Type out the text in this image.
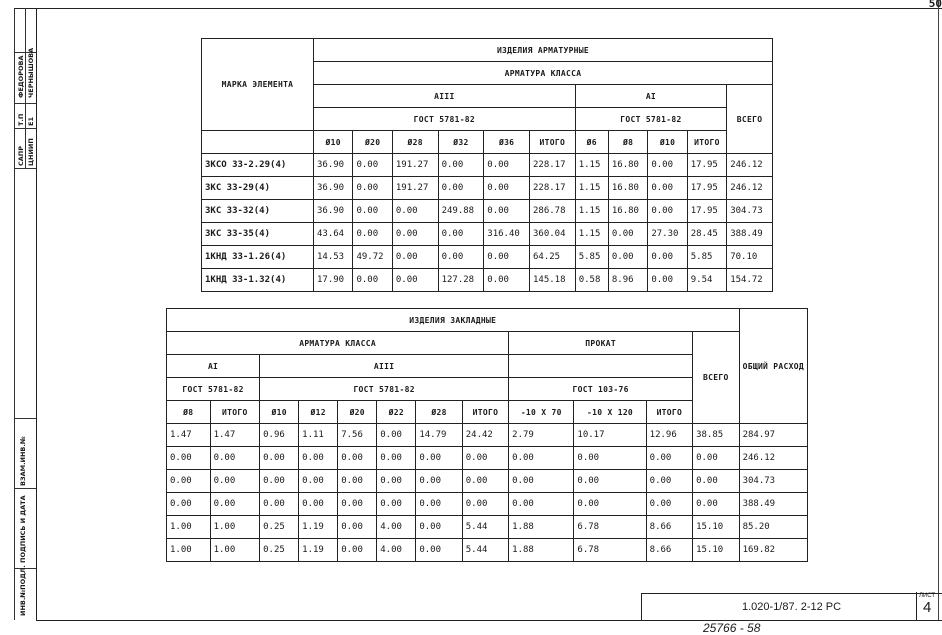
50
ФЕДОРОВА ЧЕРНЫШОВА
Т.П Е1
САПР ЦНИИП
ВЗАМ.ИНВ.№
ПОДПИСЬ И ДАТА
ИНВ.№ПОДЛ.
МАРКА ЭЛЕМЕНТА	ИЗДЕЛИЯ АРМАТУРНЫЕ										
	АРМАТУРА КЛАССА										
	AIII						AI				ВСЕГО
	ГОСТ 5781-82						ГОСТ 5781-82				
	Ø10	Ø20	Ø28	Ø32	Ø36	ИТОГО	Ø6	Ø8	Ø10	ИТОГО	
ЗКСО 33-2.29(4)	36.90	0.00	191.27	0.00	0.00	228.17	1.15	16.80	0.00	17.95	246.12
ЗКС 33-29(4)	36.90	0.00	191.27	0.00	0.00	228.17	1.15	16.80	0.00	17.95	246.12
ЗКС 33-32(4)	36.90	0.00	0.00	249.88	0.00	286.78	1.15	16.80	0.00	17.95	304.73
ЗКС 33-35(4)	43.64	0.00	0.00	0.00	316.40	360.04	1.15	0.00	27.30	28.45	388.49
1КНД 33-1.26(4)	14.53	49.72	0.00	0.00	0.00	64.25	5.85	0.00	0.00	5.85	70.10
1КНД 33-1.32(4)	17.90	0.00	0.00	127.28	0.00	145.18	0.58	8.96	0.00	9.54	154.72
ИЗДЕЛИЯ ЗАКЛАДНЫЕ												ОБЩИЙ РАСХОД
АРМАТУРА КЛАССА								ПРОКАТ			ВСЕГО	
AI		AIII										
ГОСТ 5781-82		ГОСТ 5781-82						ГОСТ 103-76				
Ø8	ИТОГО	Ø10	Ø12	Ø20	Ø22	Ø28	ИТОГО	-10 X 70	-10 X 120	ИТОГО		
1.47	1.47	0.96	1.11	7.56	0.00	14.79	24.42	2.79	10.17	12.96	38.85	284.97
0.00	0.00	0.00	0.00	0.00	0.00	0.00	0.00	0.00	0.00	0.00	0.00	246.12
0.00	0.00	0.00	0.00	0.00	0.00	0.00	0.00	0.00	0.00	0.00	0.00	304.73
0.00	0.00	0.00	0.00	0.00	0.00	0.00	0.00	0.00	0.00	0.00	0.00	388.49
1.00	1.00	0.25	1.19	0.00	4.00	0.00	5.44	1.88	6.78	8.66	15.10	85.20
1.00	1.00	0.25	1.19	0.00	4.00	0.00	5.44	1.88	6.78	8.66	15.10	169.82
1.020-1/87. 2-12 PC
ЛИСТ
4
25766 - 58
